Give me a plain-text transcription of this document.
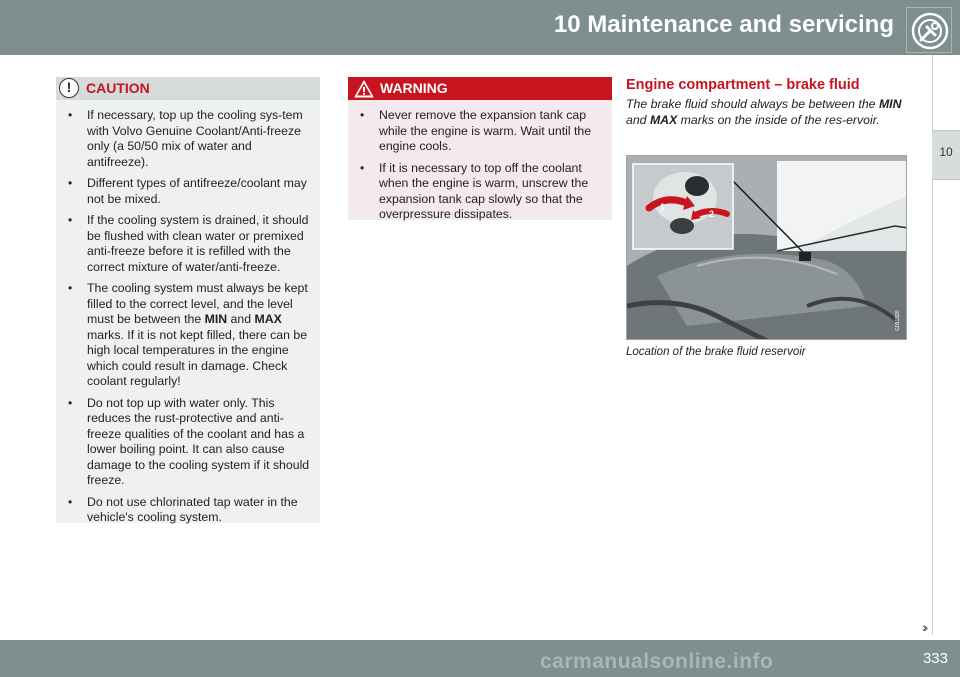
10 Maintenance and servicing
10
!	CAUTION
• If necessary, top up the cooling sys-tem with Volvo Genuine Coolant/Anti-freeze only (a 50/50 mix of water and antifreeze).
• Different types of antifreeze/coolant may not be mixed.
• If the cooling system is drained, it should be flushed with clean water or premixed anti-freeze before it is refilled with the correct mixture of water/anti-freeze.
• The cooling system must always be kept filled to the correct level, and the level must be between the MIN and MAX marks. If it is not kept filled, there can be high local temperatures in the engine which could result in damage. Check coolant regularly!
• Do not top up with water only. This reduces the rust-protective and anti-freeze qualities of the coolant and has a lower boiling point. It can also cause damage to the cooling system if it should freeze.
• Do not use chlorinated tap water in the vehicle's cooling system.
WARNING
• Never remove the expansion tank cap while the engine is warm. Wait until the engine cools.
• If it is necessary to top off the coolant when the engine is warm, unscrew the expansion tank cap slowly so that the overpressure dissipates.
Engine compartment – brake fluid
The brake fluid should always be between the MIN and MAX marks on the inside of the res-ervoir.
1
2
G031820
Location of the brake fluid reservoir
››
333
carmanualsonline.info
